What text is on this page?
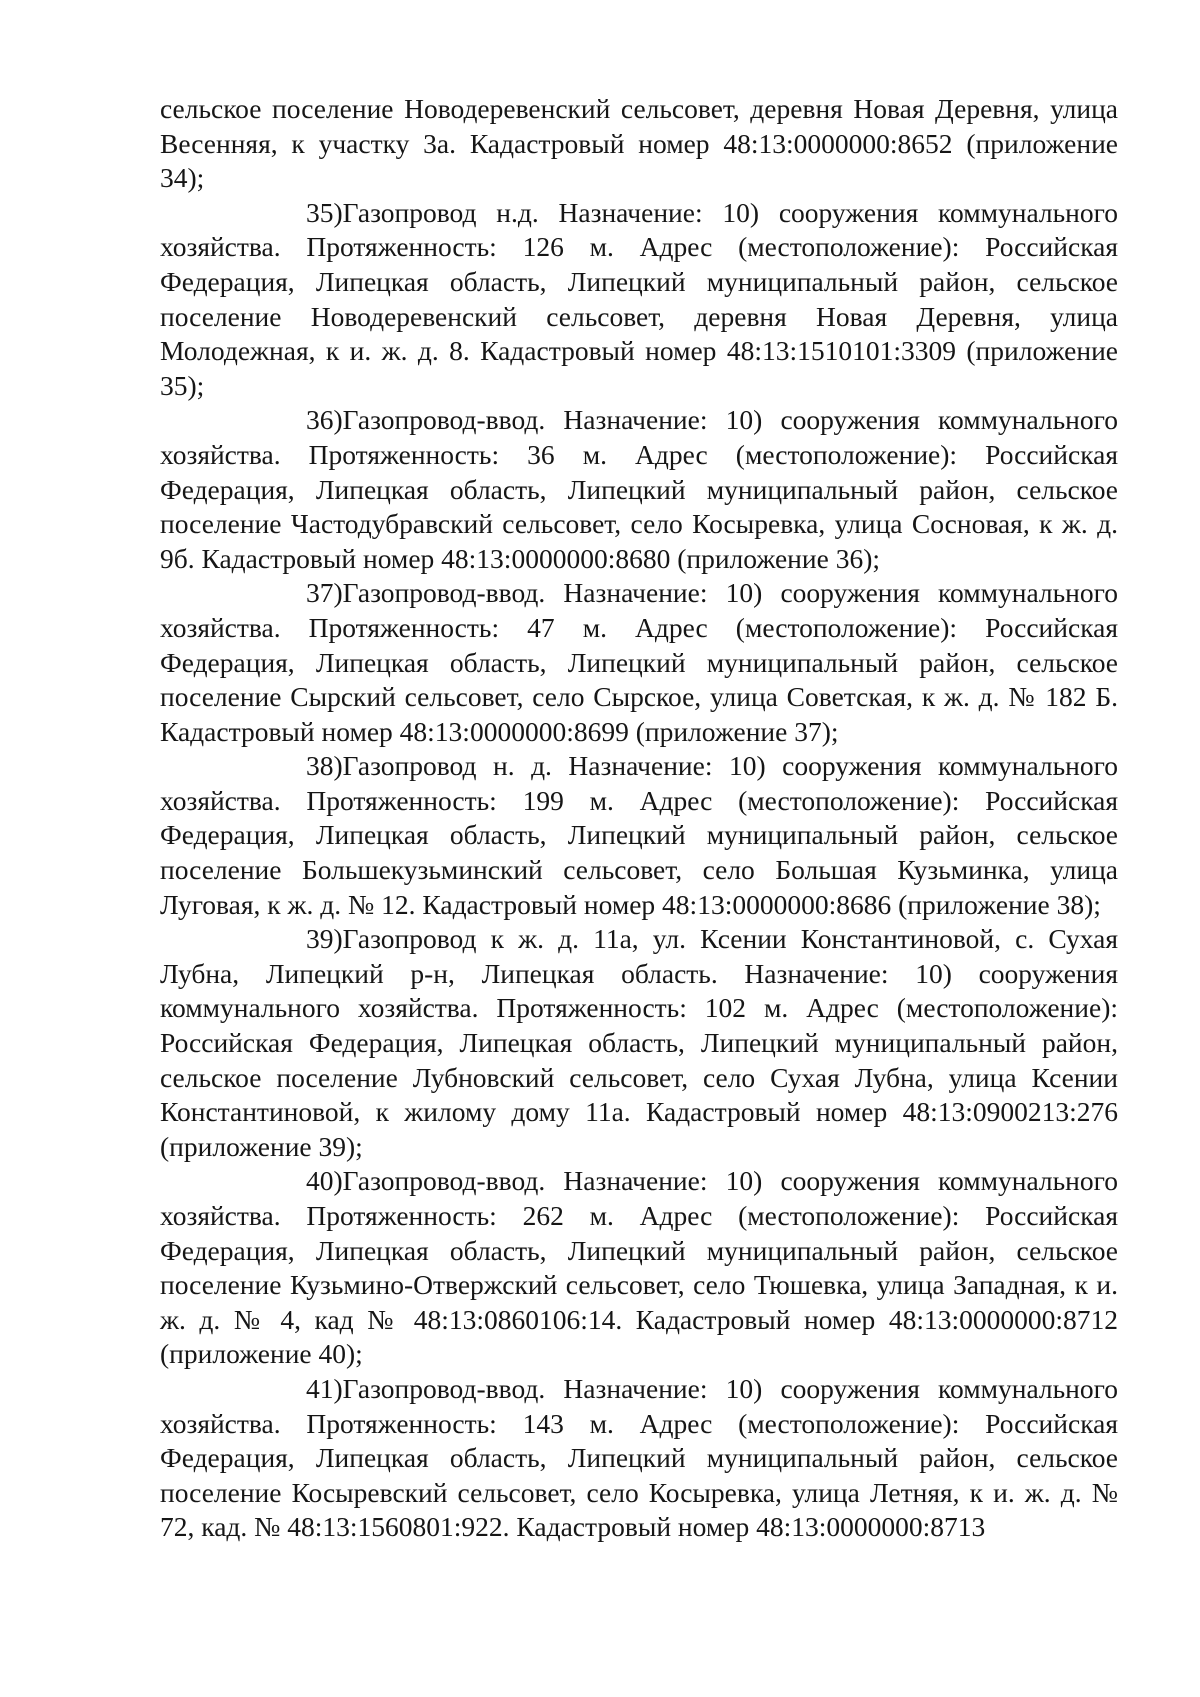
сельское поселение Новодеревенский сельсовет, деревня Новая Деревня, улица Весенняя, к участку 3а. Кадастровый номер 48:13:0000000:8652 (приложение 34);

35)Газопровод н.д. Назначение: 10) сооружения коммунального хозяйства. Протяженность: 126 м. Адрес (местоположение): Российская Федерация, Липецкая область, Липецкий муниципальный район, сельское поселение Новодеревенский сельсовет, деревня Новая Деревня, улица Молодежная, к и. ж. д. 8. Кадастровый номер 48:13:1510101:3309 (приложение 35);

36)Газопровод-ввод. Назначение: 10) сооружения коммунального хозяйства. Протяженность: 36 м. Адрес (местоположение): Российская Федерация, Липецкая область, Липецкий муниципальный район, сельское поселение Частодубравский сельсовет, село Косыревка, улица Сосновая, к ж. д. 9б. Кадастровый номер 48:13:0000000:8680 (приложение 36);

37)Газопровод-ввод. Назначение: 10) сооружения коммунального хозяйства. Протяженность: 47 м. Адрес (местоположение): Российская Федерация, Липецкая область, Липецкий муниципальный район, сельское поселение Сырский сельсовет, село Сырское, улица Советская, к ж. д. № 182 Б. Кадастровый номер 48:13:0000000:8699 (приложение 37);

38)Газопровод н. д. Назначение: 10) сооружения коммунального хозяйства. Протяженность: 199 м. Адрес (местоположение): Российская Федерация, Липецкая область, Липецкий муниципальный район, сельское поселение Большекузьминский сельсовет, село Большая Кузьминка, улица Луговая, к ж. д. № 12. Кадастровый номер 48:13:0000000:8686 (приложение 38);

39)Газопровод к ж. д. 11а, ул. Ксении Константиновой, с. Сухая Лубна, Липецкий р-н, Липецкая область. Назначение: 10) сооружения коммунального хозяйства. Протяженность: 102 м. Адрес (местоположение): Российская Федерация, Липецкая область, Липецкий муниципальный район, сельское поселение Лубновский сельсовет, село Сухая Лубна, улица Ксении Константиновой, к жилому дому 11а. Кадастровый номер 48:13:0900213:276 (приложение 39);

40)Газопровод-ввод. Назначение: 10) сооружения коммунального хозяйства. Протяженность: 262 м. Адрес (местоположение): Российская Федерация, Липецкая область, Липецкий муниципальный район, сельское поселение Кузьмино-Отвержский сельсовет, село Тюшевка, улица Западная, к и. ж. д. № 4, кад № 48:13:0860106:14. Кадастровый номер 48:13:0000000:8712 (приложение 40);

41)Газопровод-ввод. Назначение: 10) сооружения коммунального хозяйства. Протяженность: 143 м. Адрес (местоположение): Российская Федерация, Липецкая область, Липецкий муниципальный район, сельское поселение Косыревский сельсовет, село Косыревка, улица Летняя, к и. ж. д. № 72, кад. № 48:13:1560801:922. Кадастровый номер 48:13:0000000:8713
